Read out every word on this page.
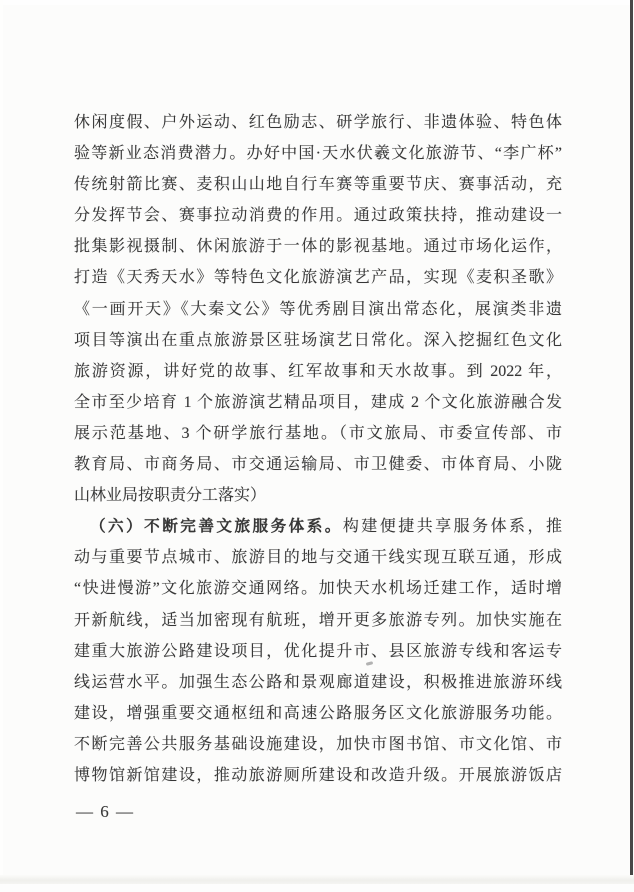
休闲度假、户外运动、红色励志、研学旅行、非遗体验、特色体
验等新业态消费潜力。办好中国·天水伏羲文化旅游节、“李广杯”
传统射箭比赛、麦积山山地自行车赛等重要节庆、赛事活动，充
分发挥节会、赛事拉动消费的作用。通过政策扶持，推动建设一
批集影视摄制、休闲旅游于一体的影视基地。通过市场化运作，
打造《天秀天水》等特色文化旅游演艺产品，实现《麦积圣歌》
《一画开天》《大秦文公》等优秀剧目演出常态化，展演类非遗
项目等演出在重点旅游景区驻场演艺日常化。深入挖掘红色文化
旅游资源，讲好党的故事、红军故事和天水故事。到 2022 年，
全市至少培育 1 个旅游演艺精品项目，建成 2 个文化旅游融合发
展示范基地、3 个研学旅行基地。（市文旅局、市委宣传部、市
教育局、市商务局、市交通运输局、市卫健委、市体育局、小陇
山林业局按职责分工落实）
（六）不断完善文旅服务体系。构建便捷共享服务体系，推
动与重要节点城市、旅游目的地与交通干线实现互联互通，形成
“快进慢游”文化旅游交通网络。加快天水机场迁建工作，适时增
开新航线，适当加密现有航班，增开更多旅游专列。加快实施在
建重大旅游公路建设项目，优化提升市、县区旅游专线和客运专
线运营水平。加强生态公路和景观廊道建设，积极推进旅游环线
建设，增强重要交通枢纽和高速公路服务区文化旅游服务功能。
不断完善公共服务基础设施建设，加快市图书馆、市文化馆、市
博物馆新馆建设，推动旅游厕所建设和改造升级。开展旅游饭店
— 6 —
